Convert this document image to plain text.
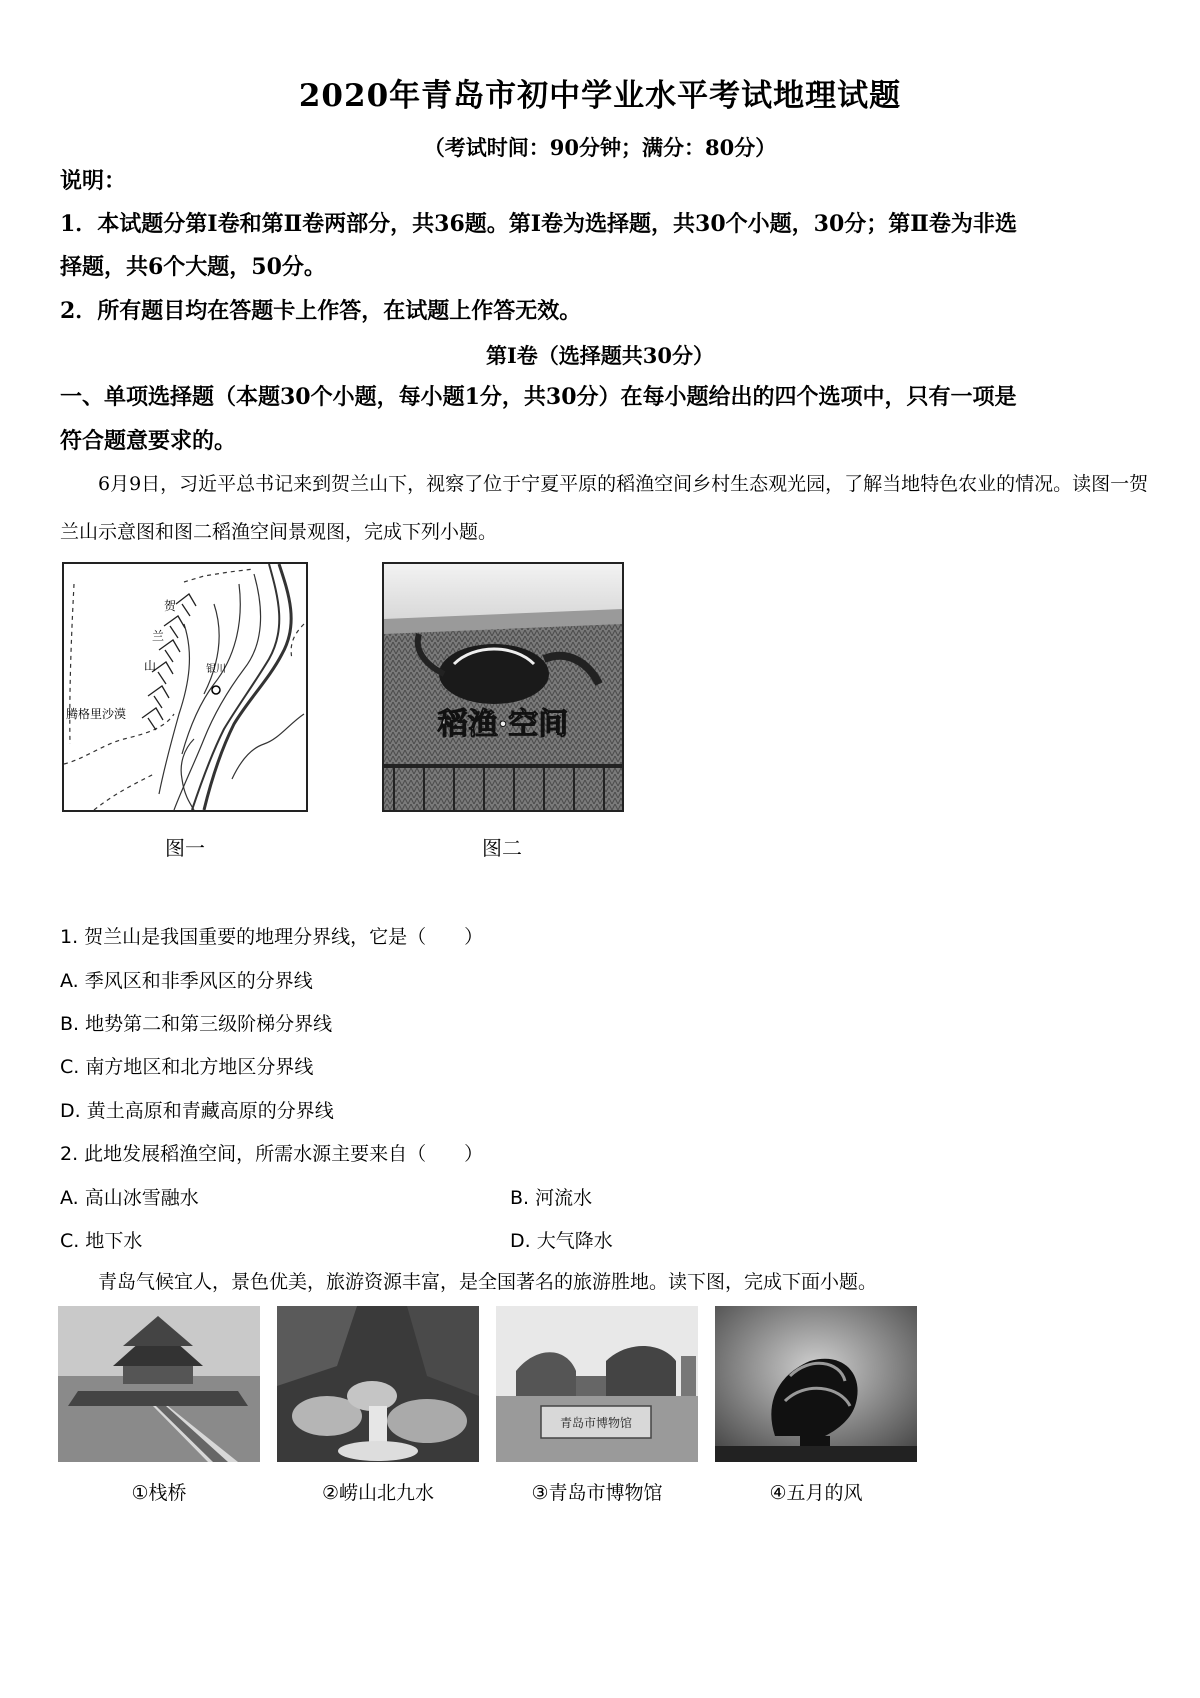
2020年青岛市初中学业水平考试地理试题
（考试时间：90分钟；满分：80分）
说明：
1．本试题分第Ⅰ卷和第Ⅱ卷两部分，共36题。第Ⅰ卷为选择题，共30个小题，30分；第Ⅱ卷为非选
择题，共6个大题，50分。
2．所有题目均在答题卡上作答，在试题上作答无效。
第Ⅰ卷（选择题共30分）
一、单项选择题（本题30个小题，每小题1分，共30分）在每小题给出的四个选项中，只有一项是
符合题意要求的。
6月9日，习近平总书记来到贺兰山下，视察了位于宁夏平原的稻渔空间乡村生态观光园，了解当地特色农业的情况。读图一贺兰山示意图和图二稻渔空间景观图，完成下列小题。
贺
兰
山
腾格里沙漠
银川
图一
稻渔·空间
图二
1. 贺兰山是我国重要的地理分界线，它是（　　）
A. 季风区和非季风区的分界线
B. 地势第二和第三级阶梯分界线
C. 南方地区和北方地区分界线
D. 黄土高原和青藏高原的分界线
2. 此地发展稻渔空间，所需水源主要来自（　　）
A. 高山冰雪融水	B. 河流水
C. 地下水	D. 大气降水
青岛气候宜人，景色优美，旅游资源丰富，是全国著名的旅游胜地。读下图，完成下面小题。
①栈桥	②崂山北九水
青岛市博物馆
③青岛市博物馆	④五月的风
